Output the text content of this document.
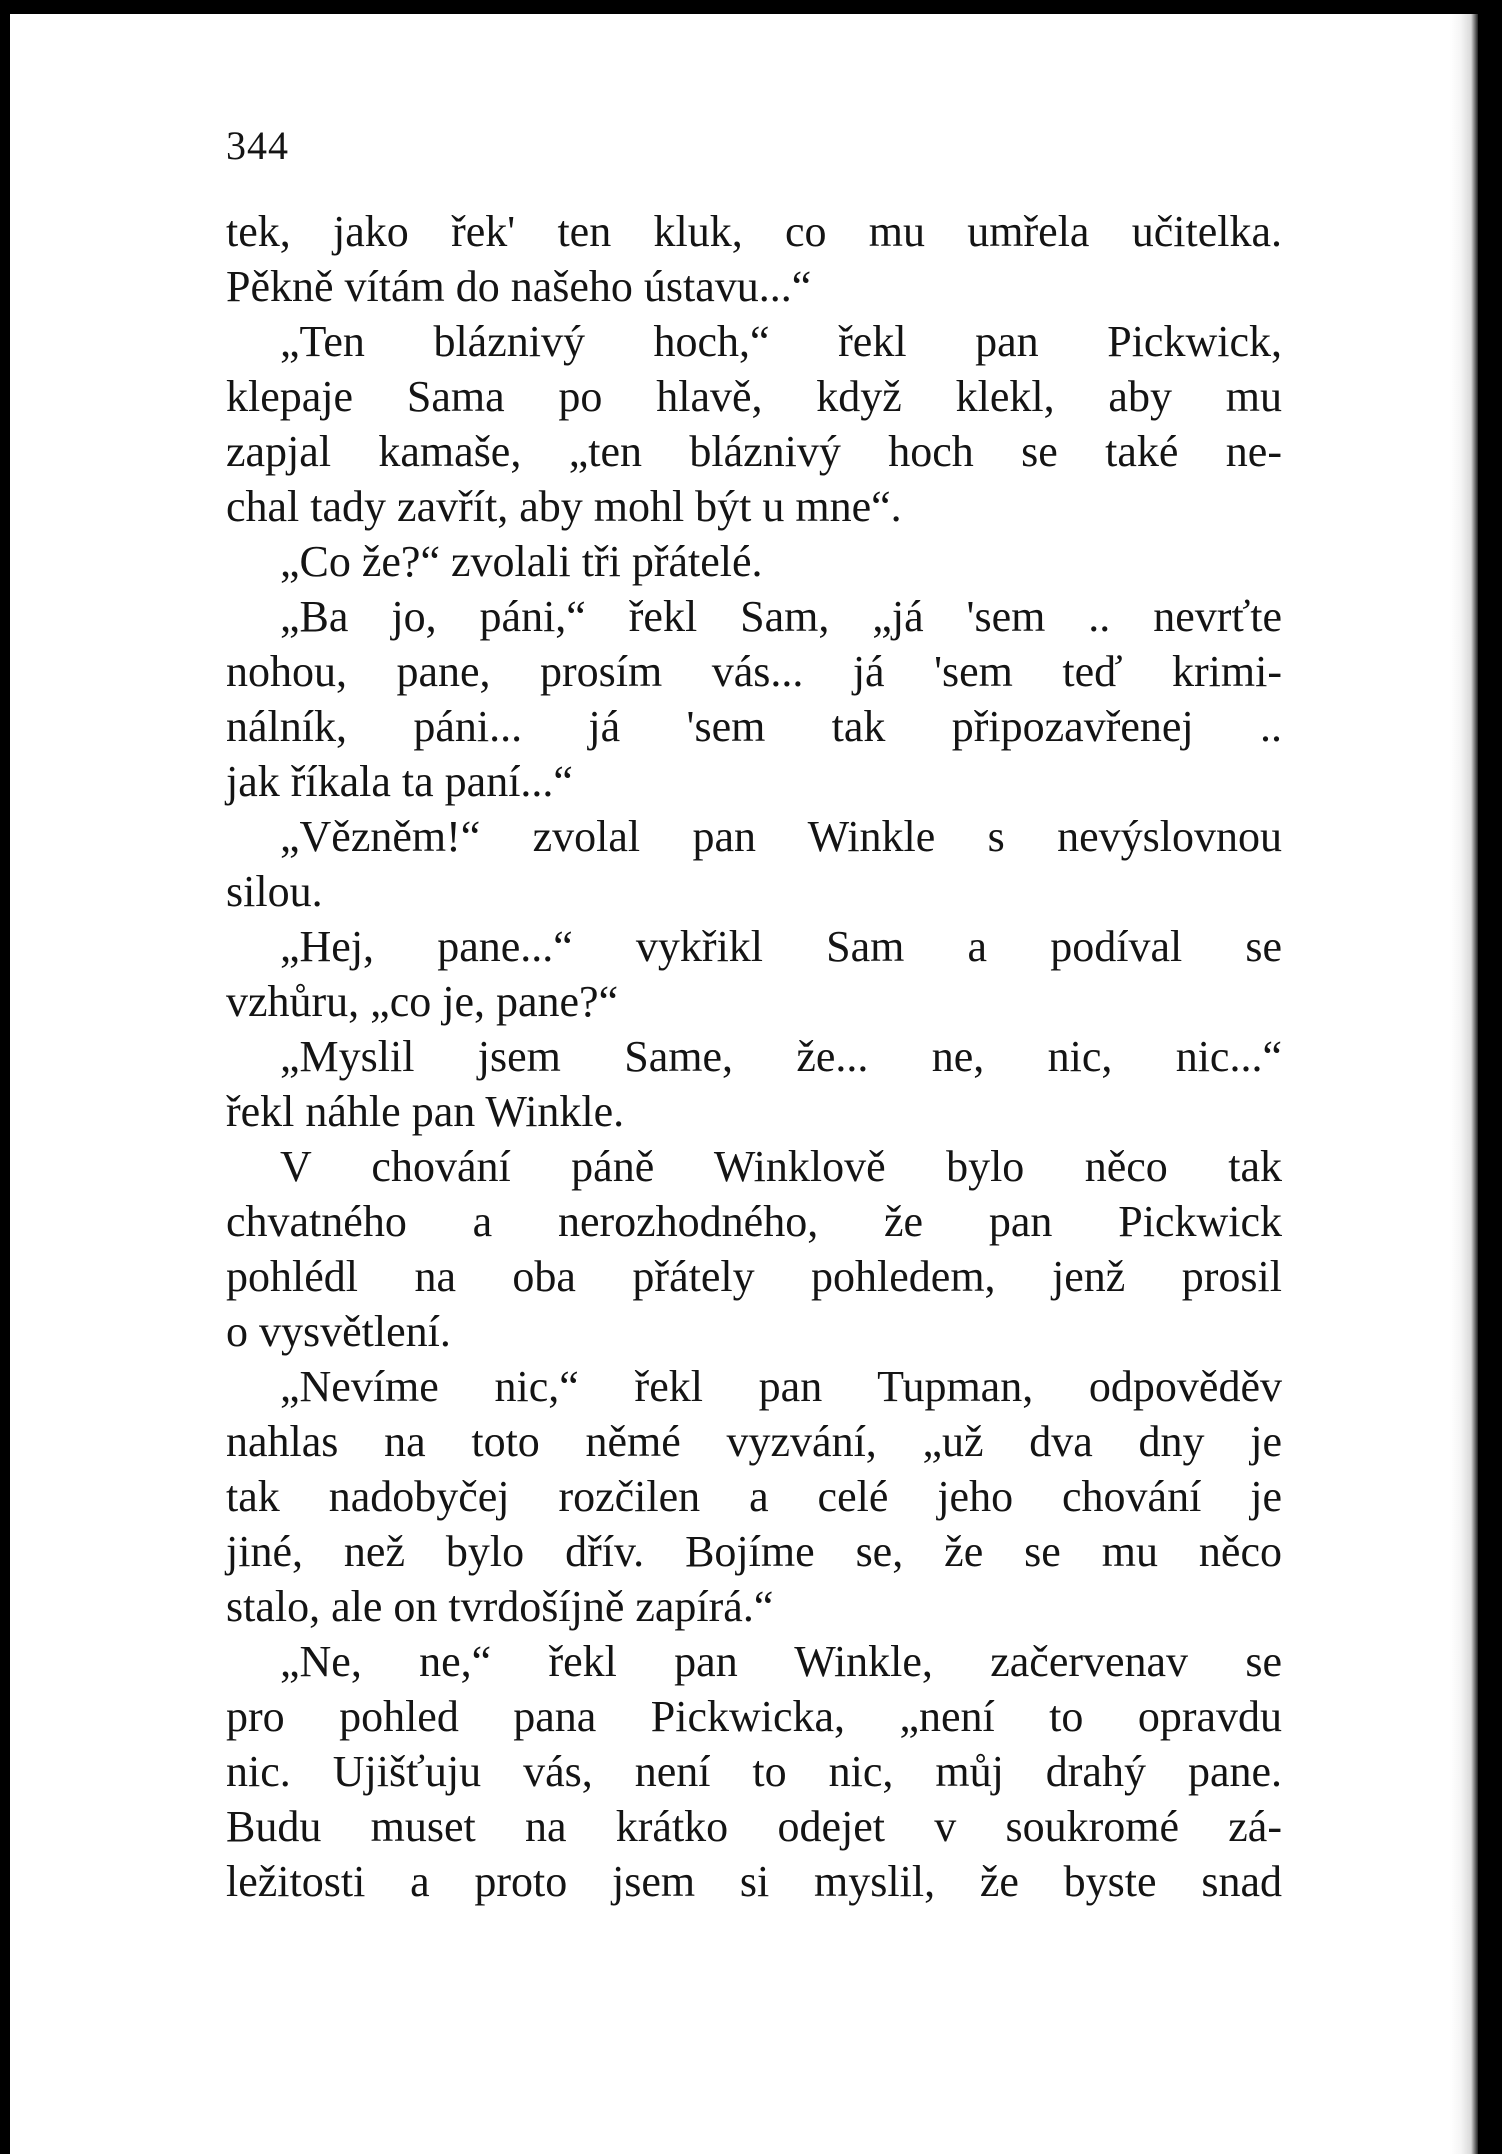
344
tek, jako řek' ten kluk, co mu umřela učitelka.
Pěkně vítám do našeho ústavu...“
„Ten bláznivý hoch,“ řekl pan Pickwick,
klepaje Sama po hlavě, když klekl, aby mu
zapjal kamaše, „ten bláznivý hoch se také ne-
chal tady zavřít, aby mohl být u mne“.
„Co že?“ zvolali tři přátelé.
„Ba jo, páni,“ řekl Sam, „já 'sem .. nevrťte
nohou, pane, prosím vás... já 'sem teď krimi-
nálník, páni... já 'sem tak připozavřenej ..
jak říkala ta paní...“
„Vězněm!“ zvolal pan Winkle s nevýslovnou
silou.
„Hej, pane...“ vykřikl Sam a podíval se
vzhůru, „co je, pane?“
„Myslil jsem Same, že... ne, nic, nic...“
řekl náhle pan Winkle.
V chování páně Winklově bylo něco tak
chvatného a nerozhodného, že pan Pickwick
pohlédl na oba přátely pohledem, jenž prosil
o vysvětlení.
„Nevíme nic,“ řekl pan Tupman, odpověděv
nahlas na toto němé vyzvání, „už dva dny je
tak nadobyčej rozčilen a celé jeho chování je
jiné, než bylo dřív. Bojíme se, že se mu něco
stalo, ale on tvrdošíjně zapírá.“
„Ne, ne,“ řekl pan Winkle, začervenav se
pro pohled pana Pickwicka, „není to opravdu
nic. Ujišťuju vás, není to nic, můj drahý pane.
Budu muset na krátko odejet v soukromé zá-
ležitosti a proto jsem si myslil, že byste snad
